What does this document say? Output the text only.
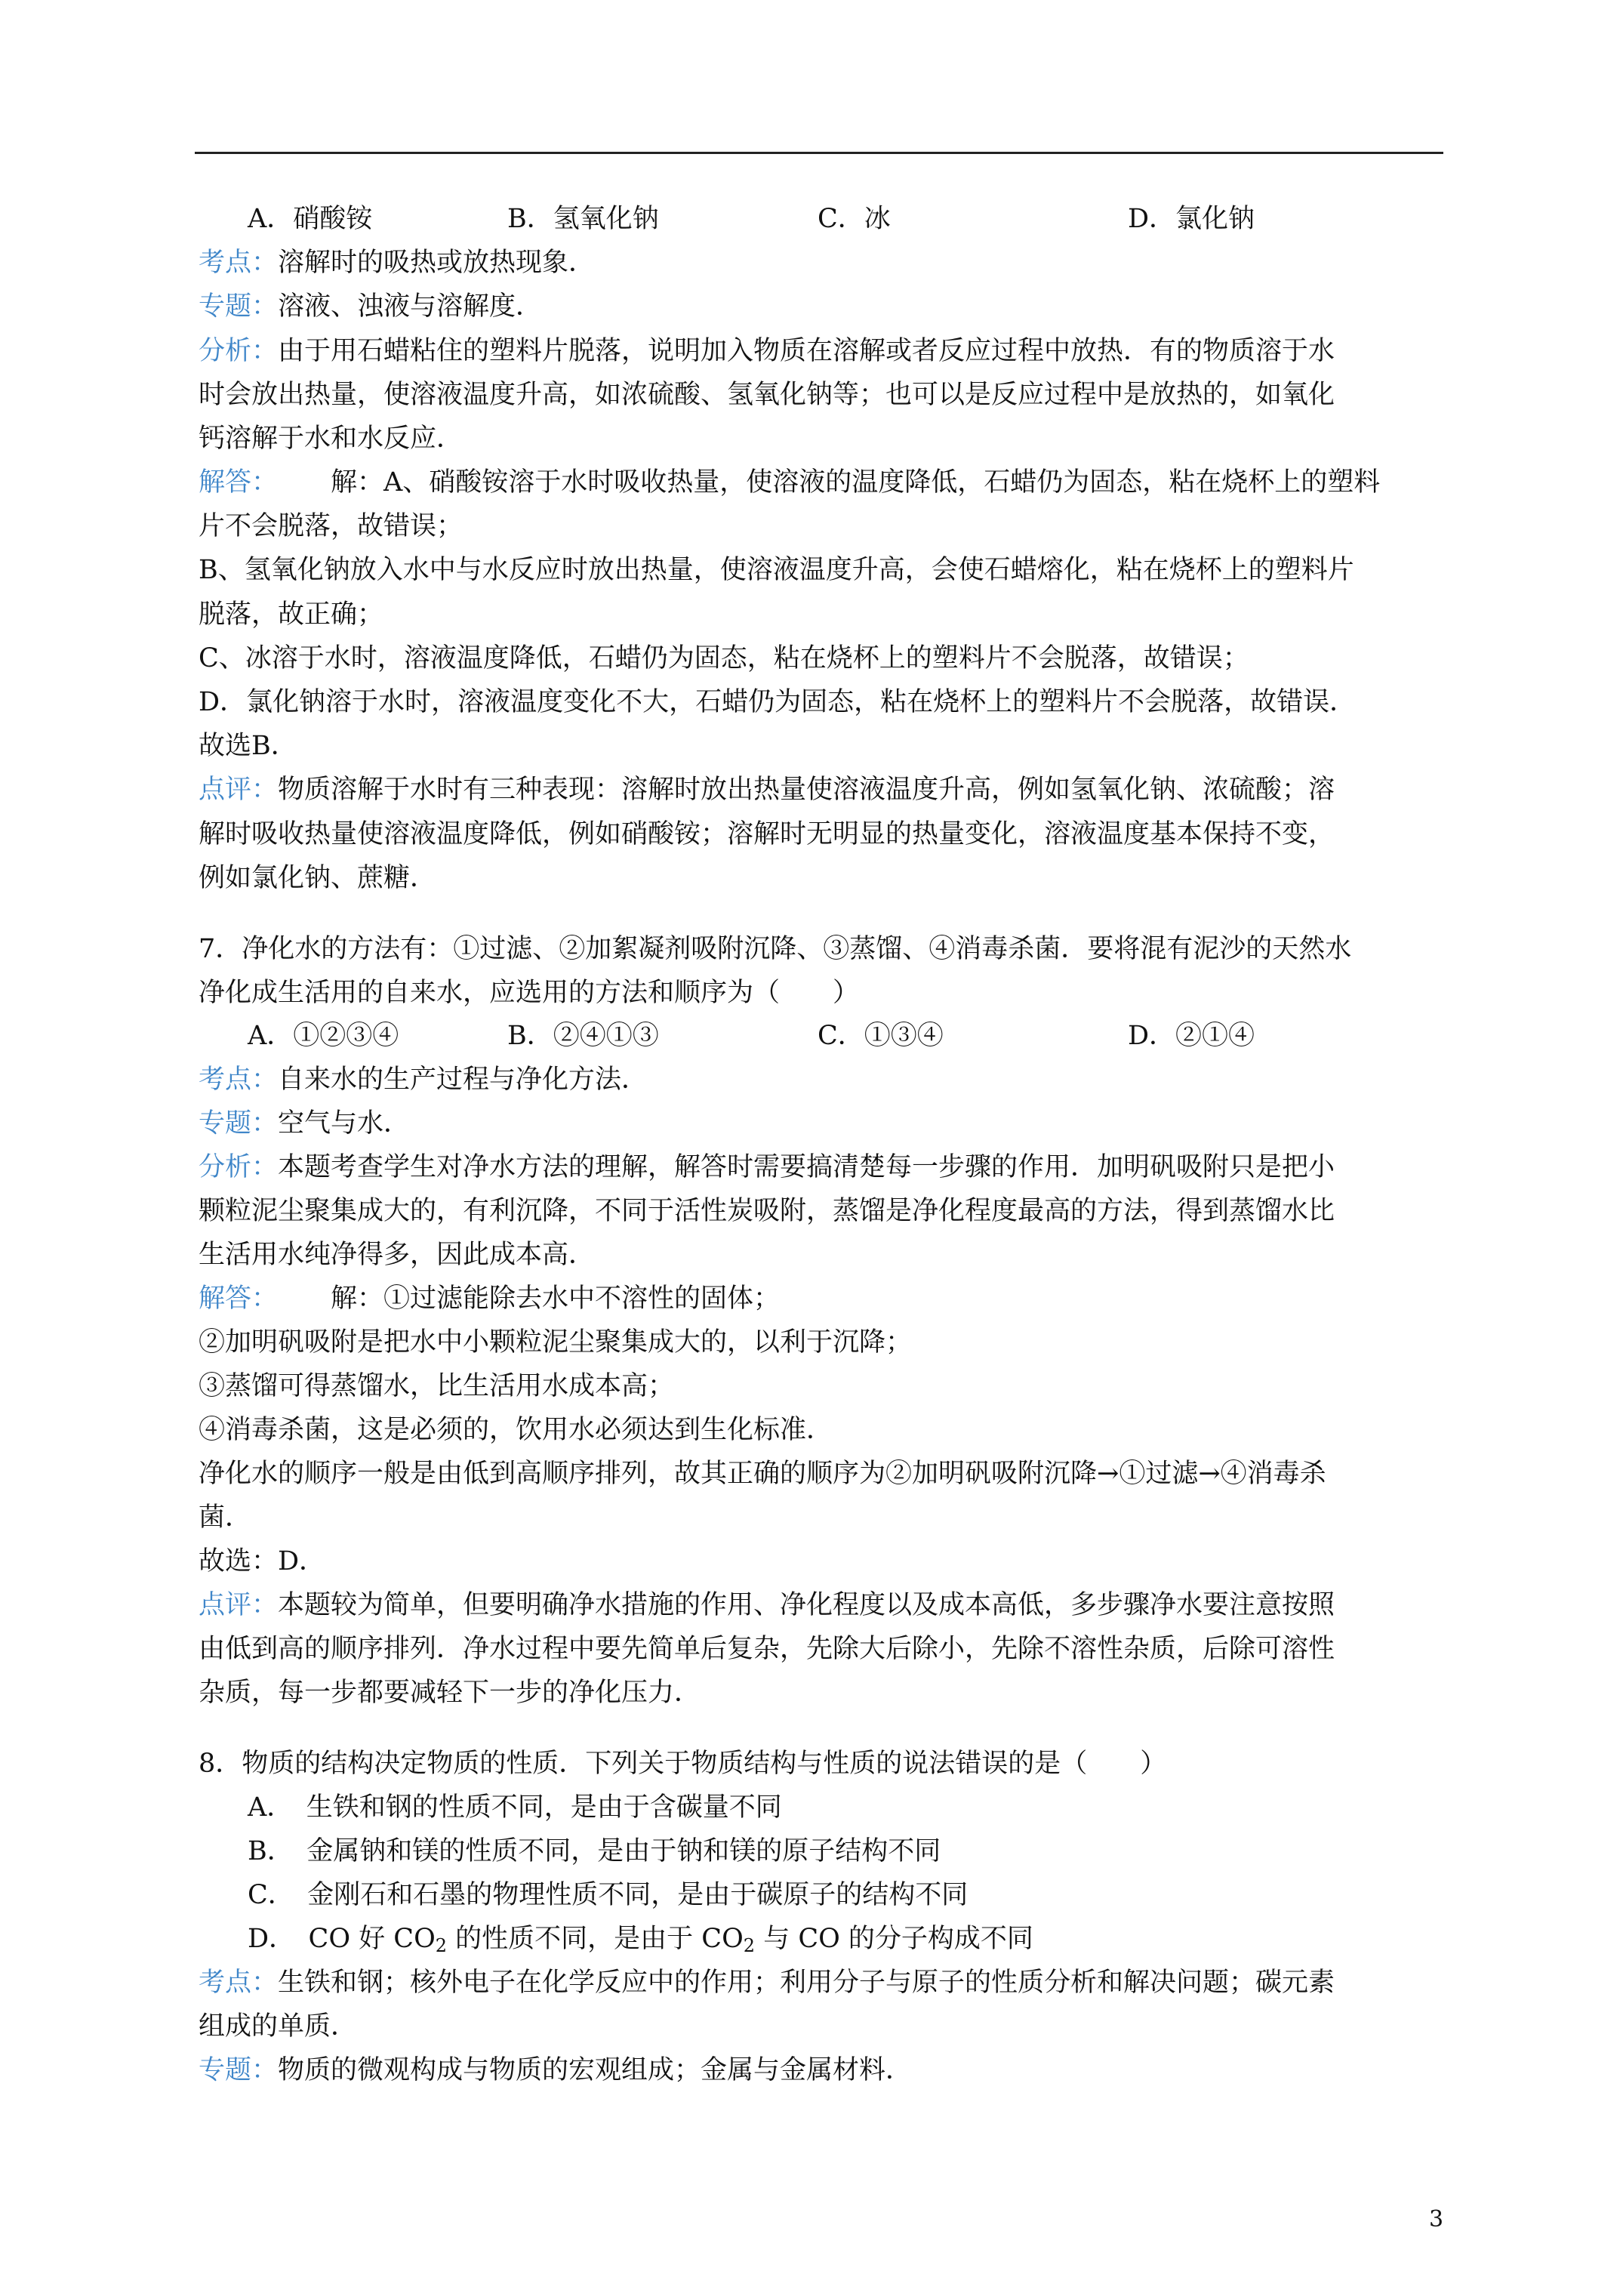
A．硝酸铵	B．氢氧化钠	C．冰	D．氯化钠
考点：溶解时的吸热或放热现象．
专题：溶液、浊液与溶解度．
分析：由于用石蜡粘住的塑料片脱落，说明加入物质在溶解或者反应过程中放热．有的物质溶于水
时会放出热量，使溶液温度升高，如浓硫酸、氢氧化钠等；也可以是反应过程中是放热的，如氧化
钙溶解于水和水反应．
解答： 解：A、硝酸铵溶于水时吸收热量，使溶液的温度降低，石蜡仍为固态，粘在烧杯上的塑料
片不会脱落，故错误；
B、氢氧化钠放入水中与水反应时放出热量，使溶液温度升高，会使石蜡熔化，粘在烧杯上的塑料片
脱落，故正确；
C、冰溶于水时，溶液温度降低，石蜡仍为固态，粘在烧杯上的塑料片不会脱落，故错误；
D．氯化钠溶于水时，溶液温度变化不大，石蜡仍为固态，粘在烧杯上的塑料片不会脱落，故错误．
故选B．
点评：物质溶解于水时有三种表现：溶解时放出热量使溶液温度升高，例如氢氧化钠、浓硫酸；溶
解时吸收热量使溶液温度降低，例如硝酸铵；溶解时无明显的热量变化，溶液温度基本保持不变，
例如氯化钠、蔗糖．
7．净化水的方法有：①过滤、②加絮凝剂吸附沉降、③蒸馏、④消毒杀菌．要将混有泥沙的天然水
净化成生活用的自来水，应选用的方法和顺序为（　　）
A．①②③④	B．②④①③	C．①③④	D．②①④
考点：自来水的生产过程与净化方法．
专题：空气与水．
分析：本题考查学生对净水方法的理解，解答时需要搞清楚每一步骤的作用．加明矾吸附只是把小
颗粒泥尘聚集成大的，有利沉降，不同于活性炭吸附，蒸馏是净化程度最高的方法，得到蒸馏水比
生活用水纯净得多，因此成本高．
解答： 解：①过滤能除去水中不溶性的固体；
②加明矾吸附是把水中小颗粒泥尘聚集成大的，以利于沉降；
③蒸馏可得蒸馏水，比生活用水成本高；
④消毒杀菌，这是必须的，饮用水必须达到生化标准．
净化水的顺序一般是由低到高顺序排列，故其正确的顺序为②加明矾吸附沉降→①过滤→④消毒杀
菌．
故选：D．
点评：本题较为简单，但要明确净水措施的作用、净化程度以及成本高低，多步骤净水要注意按照
由低到高的顺序排列．净水过程中要先简单后复杂，先除大后除小，先除不溶性杂质，后除可溶性
杂质，每一步都要减轻下一步的净化压力．
8．物质的结构决定物质的性质．下列关于物质结构与性质的说法错误的是（　　）
A．　生铁和钢的性质不同，是由于含碳量不同
B．　金属钠和镁的性质不同，是由于钠和镁的原子结构不同
C．　金刚石和石墨的物理性质不同，是由于碳原子的结构不同
D．　CO 好 $CO_2$ 的性质不同，是由于 $CO_2$ 与 CO 的分子构成不同
考点：生铁和钢；核外电子在化学反应中的作用；利用分子与原子的性质分析和解决问题；碳元素
组成的单质．
专题：物质的微观构成与物质的宏观组成；金属与金属材料．
3
